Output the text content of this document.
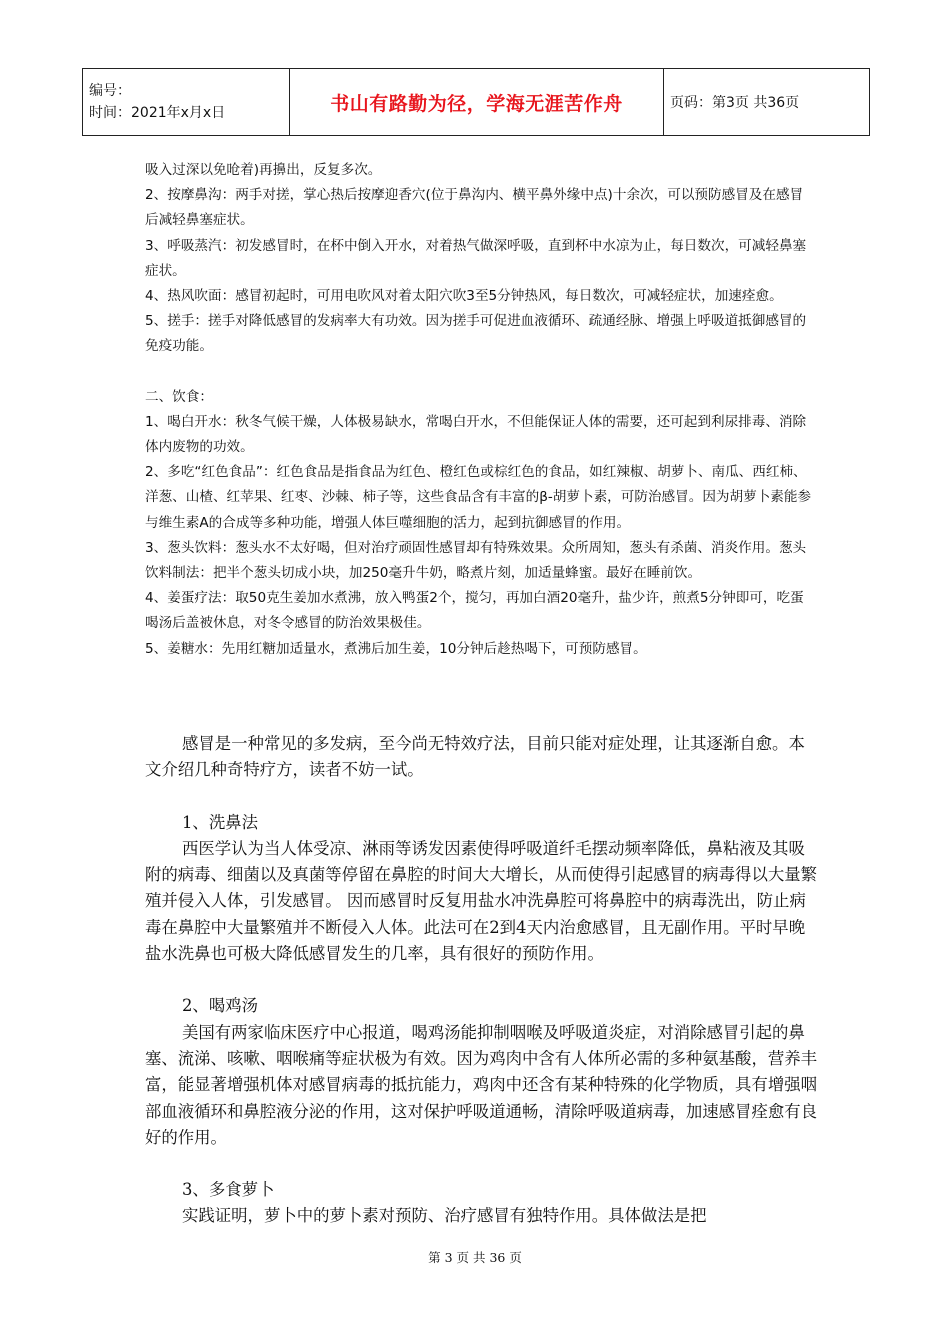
编号：
时间：2021年x月x日	书山有路勤为径，学海无涯苦作舟	页码：第3页 共36页

吸入过深以免呛着)再擤出，反复多次。

2、按摩鼻沟：两手对搓，掌心热后按摩迎香穴(位于鼻沟内、横平鼻外缘中点)十余次，可以预防感冒及在感冒后减轻鼻塞症状。

3、呼吸蒸汽：初发感冒时，在杯中倒入开水，对着热气做深呼吸，直到杯中水凉为止，每日数次，可减轻鼻塞症状。

4、热风吹面：感冒初起时，可用电吹风对着太阳穴吹3至5分钟热风，每日数次，可减轻症状，加速痊愈。

5、搓手：搓手对降低感冒的发病率大有功效。因为搓手可促进血液循环、疏通经脉、增强上呼吸道抵御感冒的免疫功能。

二、饮食：

1、喝白开水：秋冬气候干燥，人体极易缺水，常喝白开水，不但能保证人体的需要，还可起到利尿排毒、消除体内废物的功效。

2、多吃“红色食品”：红色食品是指食品为红色、橙红色或棕红色的食品，如红辣椒、胡萝卜、南瓜、西红柿、洋葱、山楂、红苹果、红枣、沙棘、柿子等，这些食品含有丰富的β-胡萝卜素，可防治感冒。因为胡萝卜素能参与维生素A的合成等多种功能，增强人体巨噬细胞的活力，起到抗御感冒的作用。

3、葱头饮料：葱头水不太好喝，但对治疗顽固性感冒却有特殊效果。众所周知，葱头有杀菌、消炎作用。葱头饮料制法：把半个葱头切成小块，加250毫升牛奶，略煮片刻，加适量蜂蜜。最好在睡前饮。

4、姜蛋疗法：取50克生姜加水煮沸，放入鸭蛋2个，搅匀，再加白酒20毫升，盐少许，煎煮5分钟即可，吃蛋喝汤后盖被休息，对冬令感冒的防治效果极佳。

5、姜糖水：先用红糖加适量水，煮沸后加生姜，10分钟后趁热喝下，可预防感冒。

感冒是一种常见的多发病，至今尚无特效疗法，目前只能对症处理，让其逐渐自愈。本文介绍几种奇特疗方，读者不妨一试。

1、洗鼻法

西医学认为当人体受凉、淋雨等诱发因素使得呼吸道纤毛摆动频率降低，鼻粘液及其吸附的病毒、细菌以及真菌等停留在鼻腔的时间大大增长，从而使得引起感冒的病毒得以大量繁殖并侵入人体，引发感冒。 因而感冒时反复用盐水冲洗鼻腔可将鼻腔中的病毒洗出，防止病毒在鼻腔中大量繁殖并不断侵入人体。此法可在2到4天内治愈感冒，且无副作用。平时早晚盐水洗鼻也可极大降低感冒发生的几率，具有很好的预防作用。

2、喝鸡汤

美国有两家临床医疗中心报道，喝鸡汤能抑制咽喉及呼吸道炎症，对消除感冒引起的鼻塞、流涕、咳嗽、咽喉痛等症状极为有效。因为鸡肉中含有人体所必需的多种氨基酸，营养丰富，能显著增强机体对感冒病毒的抵抗能力，鸡肉中还含有某种特殊的化学物质，具有增强咽部血液循环和鼻腔液分泌的作用，这对保护呼吸道通畅，清除呼吸道病毒，加速感冒痊愈有良好的作用。

3、多食萝卜

实践证明，萝卜中的萝卜素对预防、治疗感冒有独特作用。具体做法是把

第 3 页 共 36 页
